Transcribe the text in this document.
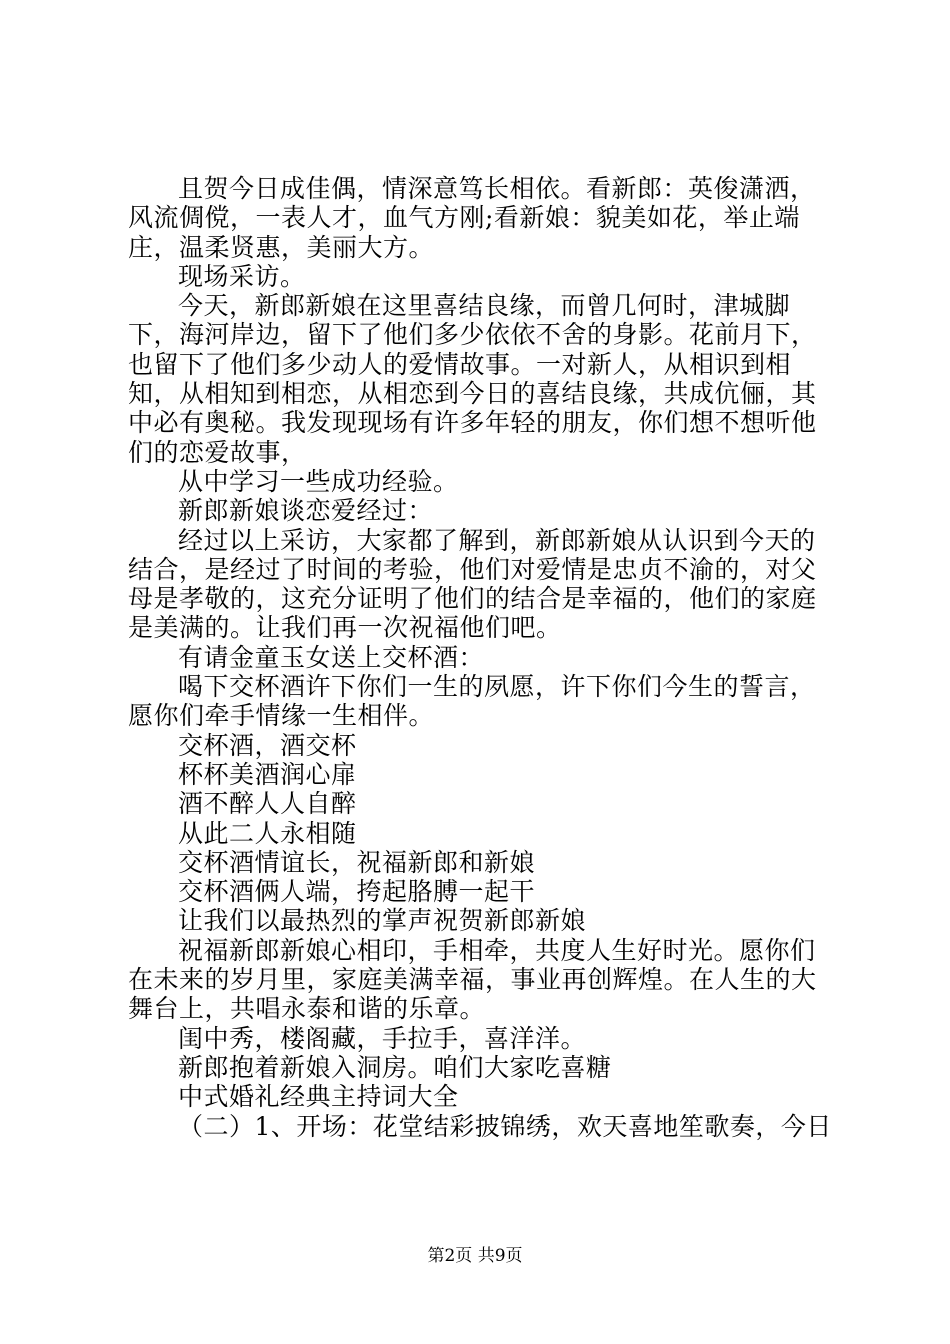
且贺今日成佳偶，情深意笃长相依。看新郎：英俊潇洒，风流倜傥，一表人才，血气方刚;看新娘：貌美如花，举止端庄，温柔贤惠，美丽大方。

现场采访。

今天，新郎新娘在这里喜结良缘，而曾几何时，津城脚下，海河岸边，留下了他们多少依依不舍的身影。花前月下，也留下了他们多少动人的爱情故事。一对新人，从相识到相知，从相知到相恋，从相恋到今日的喜结良缘，共成伉俪，其中必有奥秘。我发现现场有许多年轻的朋友，你们想不想听他们的恋爱故事，

从中学习一些成功经验。

新郎新娘谈恋爱经过：

经过以上采访，大家都了解到，新郎新娘从认识到今天的结合，是经过了时间的考验，他们对爱情是忠贞不渝的，对父母是孝敬的，这充分证明了他们的结合是幸福的，他们的家庭是美满的。让我们再一次祝福他们吧。

有请金童玉女送上交杯酒：

喝下交杯酒许下你们一生的夙愿，许下你们今生的誓言，愿你们牵手情缘一生相伴。

交杯酒，酒交杯

杯杯美酒润心扉

酒不醉人人自醉

从此二人永相随

交杯酒情谊长，祝福新郎和新娘

交杯酒俩人端，挎起胳膊一起干

让我们以最热烈的掌声祝贺新郎新娘

祝福新郎新娘心相印，手相牵，共度人生好时光。愿你们在未来的岁月里，家庭美满幸福，事业再创辉煌。在人生的大舞台上，共唱永泰和谐的乐章。

闺中秀，楼阁藏，手拉手，喜洋洋。

新郎抱着新娘入洞房。咱们大家吃喜糖

中式婚礼经典主持词大全

（二）1、开场：花堂结彩披锦绣，欢天喜地笙歌奏，今日

第2页 共9页
